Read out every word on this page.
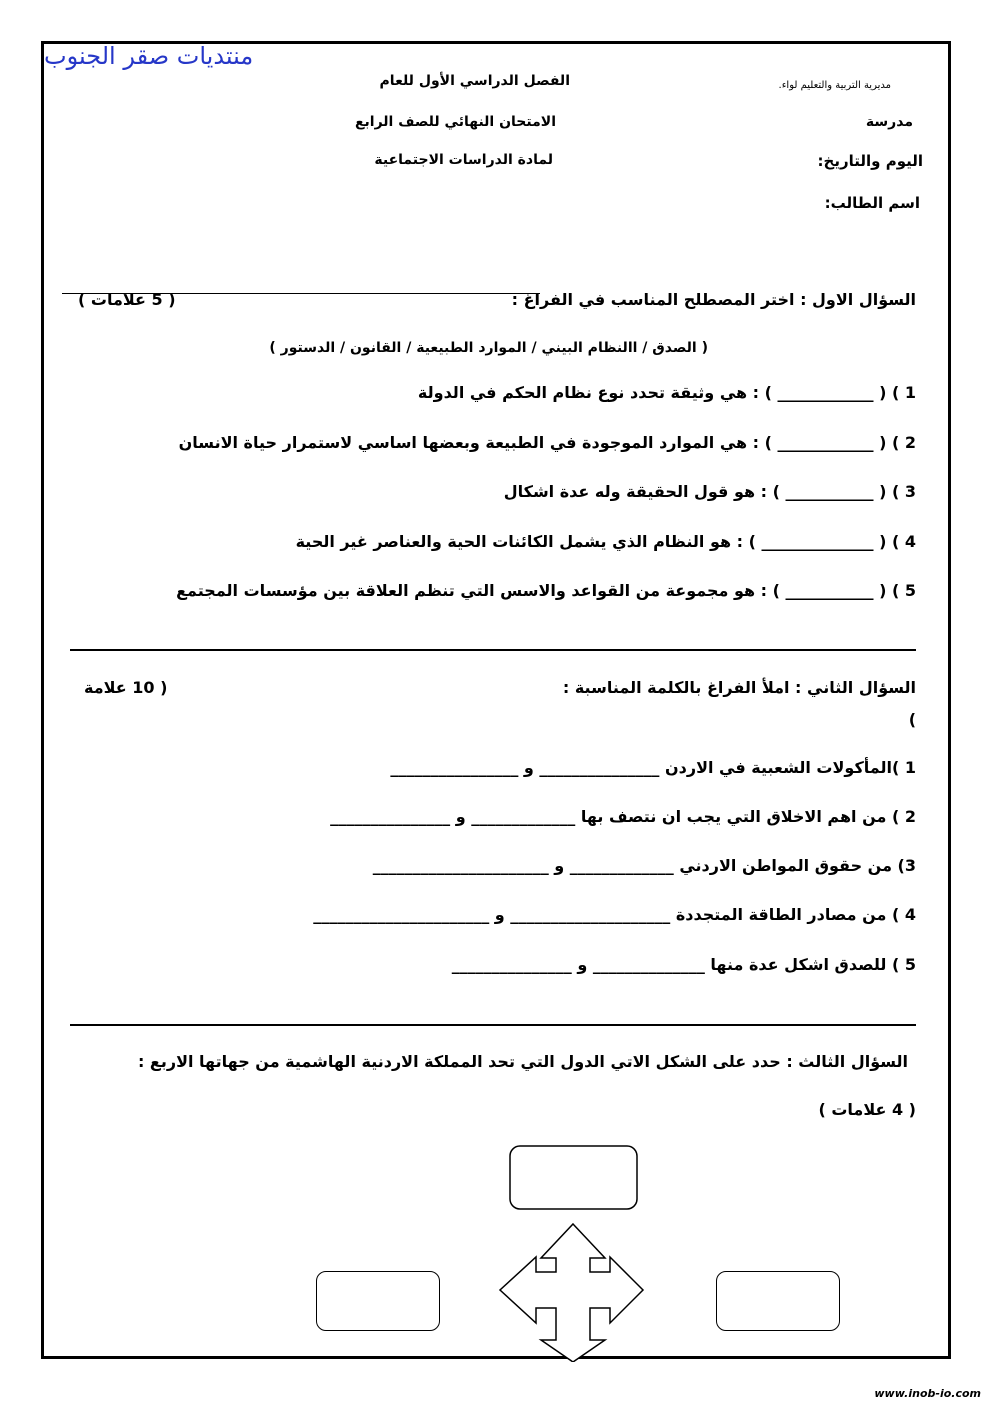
منتديات صقر الجنوب
مديرية التربية والتعليم لواء.
الفصل الدراسي الأول للعام
مدرسة
الامتحان النهائي للصف الرابع
اليوم والتاريخ:
لمادة الدراسات الاجتماعية
اسم الطالب:
السؤال الاول : اختر المصطلح المناسب في الفراغ :
( 5 علامات )
( الصدق / االنظام البيني / الموارد الطبيعية / القانون / الدستور )
1 ) ( ____________ ) : هي وثيقة تحدد نوع نظام الحكم في الدولة
2 ) ( ____________ ) : هي الموارد الموجودة في الطبيعة وبعضها اساسي لاستمرار حياة الانسان
3 ) ( ___________ ) : هو قول الحقيقة وله عدة اشكال
4 ) ( ______________ ) : هو النظام الذي يشمل الكائنات الحية والعناصر غير الحية
5 ) ( ___________ ) : هو مجموعة من القواعد والاسس التي تنظم العلاقة بين مؤسسات المجتمع
السؤال الثاني : املأ الفراغ بالكلمة المناسبة :
( 10 علامة
)
1 )المأكولات الشعبية في الاردن _______________ و ________________
2 ) من اهم الاخلاق التي يجب ان نتصف بها _____________ و _______________
3) من حقوق المواطن الاردني _____________ و ______________________
4 ) من مصادر الطاقة المتجددة ____________________ و ______________________
5 ) للصدق اشكل عدة منها ______________ و _______________
السؤال الثالث : حدد على الشكل الاتي الدول التي تحد المملكة الاردنية الهاشمية من جهاتها الاربع :
( 4 علامات )
www.inob-io.com
